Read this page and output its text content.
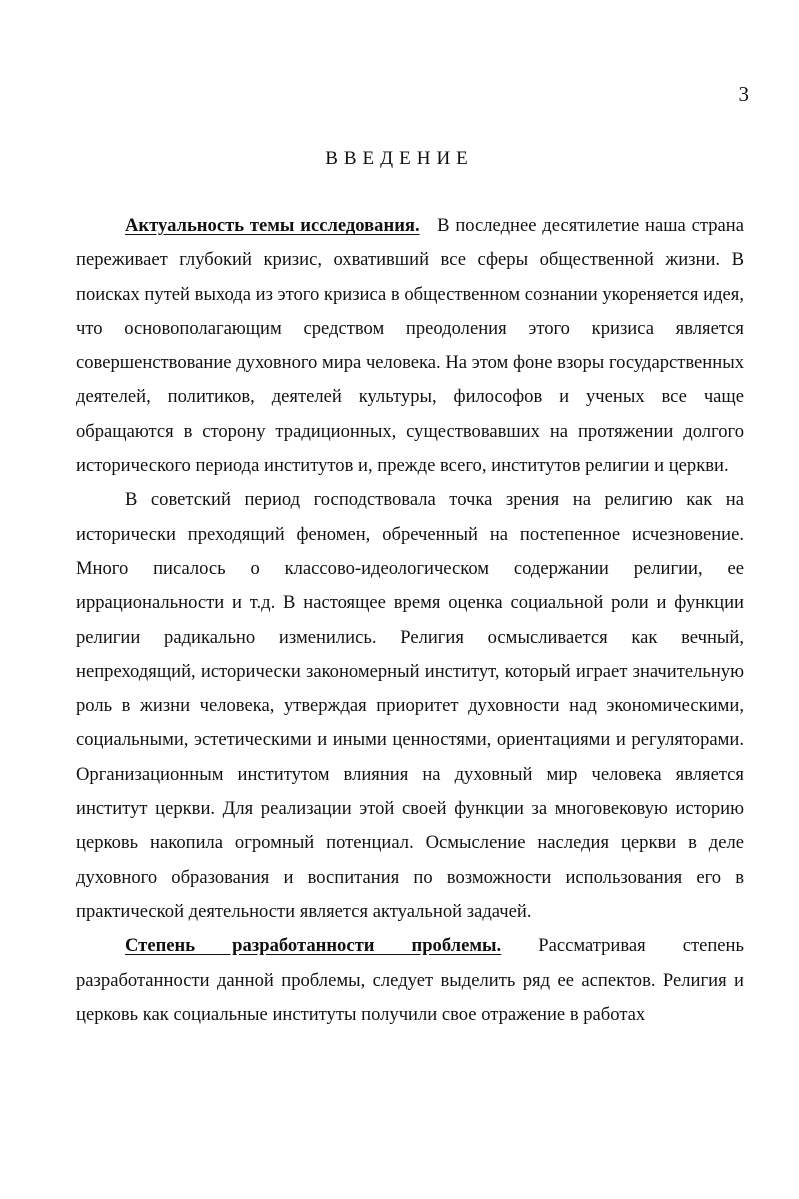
3
ВВЕДЕНИЕ

Актуальность темы исследования. В последнее десятилетие наша страна переживает глубокий кризис, охвативший все сферы общественной жизни. В поисках путей выхода из этого кризиса в общественном сознании укореняется идея, что основополагающим средством преодоления этого кризиса является совершенствование духовного мира человека. На этом фоне взоры государственных деятелей, политиков, деятелей культуры, философов и ученых все чаще обращаются в сторону традиционных, существовавших на протяжении долгого исторического периода институтов и, прежде всего, институтов религии и церкви.

В советский период господствовала точка зрения на религию как на исторически преходящий феномен, обреченный на постепенное исчезновение. Много писалось о классово-идеологическом содержании религии, ее иррациональности и т.д. В настоящее время оценка социальной роли и функции религии радикально изменились. Религия осмысливается как вечный, непреходящий, исторически закономерный институт, который играет значительную роль в жизни человека, утверждая приоритет духовности над экономическими, социальными, эстетическими и иными ценностями, ориентациями и регуляторами. Организационным институтом влияния на духовный мир человека является институт церкви. Для реализации этой своей функции за многовековую историю церковь накопила огромный потенциал. Осмысление наследия церкви в деле духовного образования и воспитания по возможности использования его в практической деятельности является актуальной задачей.

Степень разработанности проблемы. Рассматривая степень разработанности данной проблемы, следует выделить ряд ее аспектов. Религия и церковь как социальные институты получили свое отражение в работах
